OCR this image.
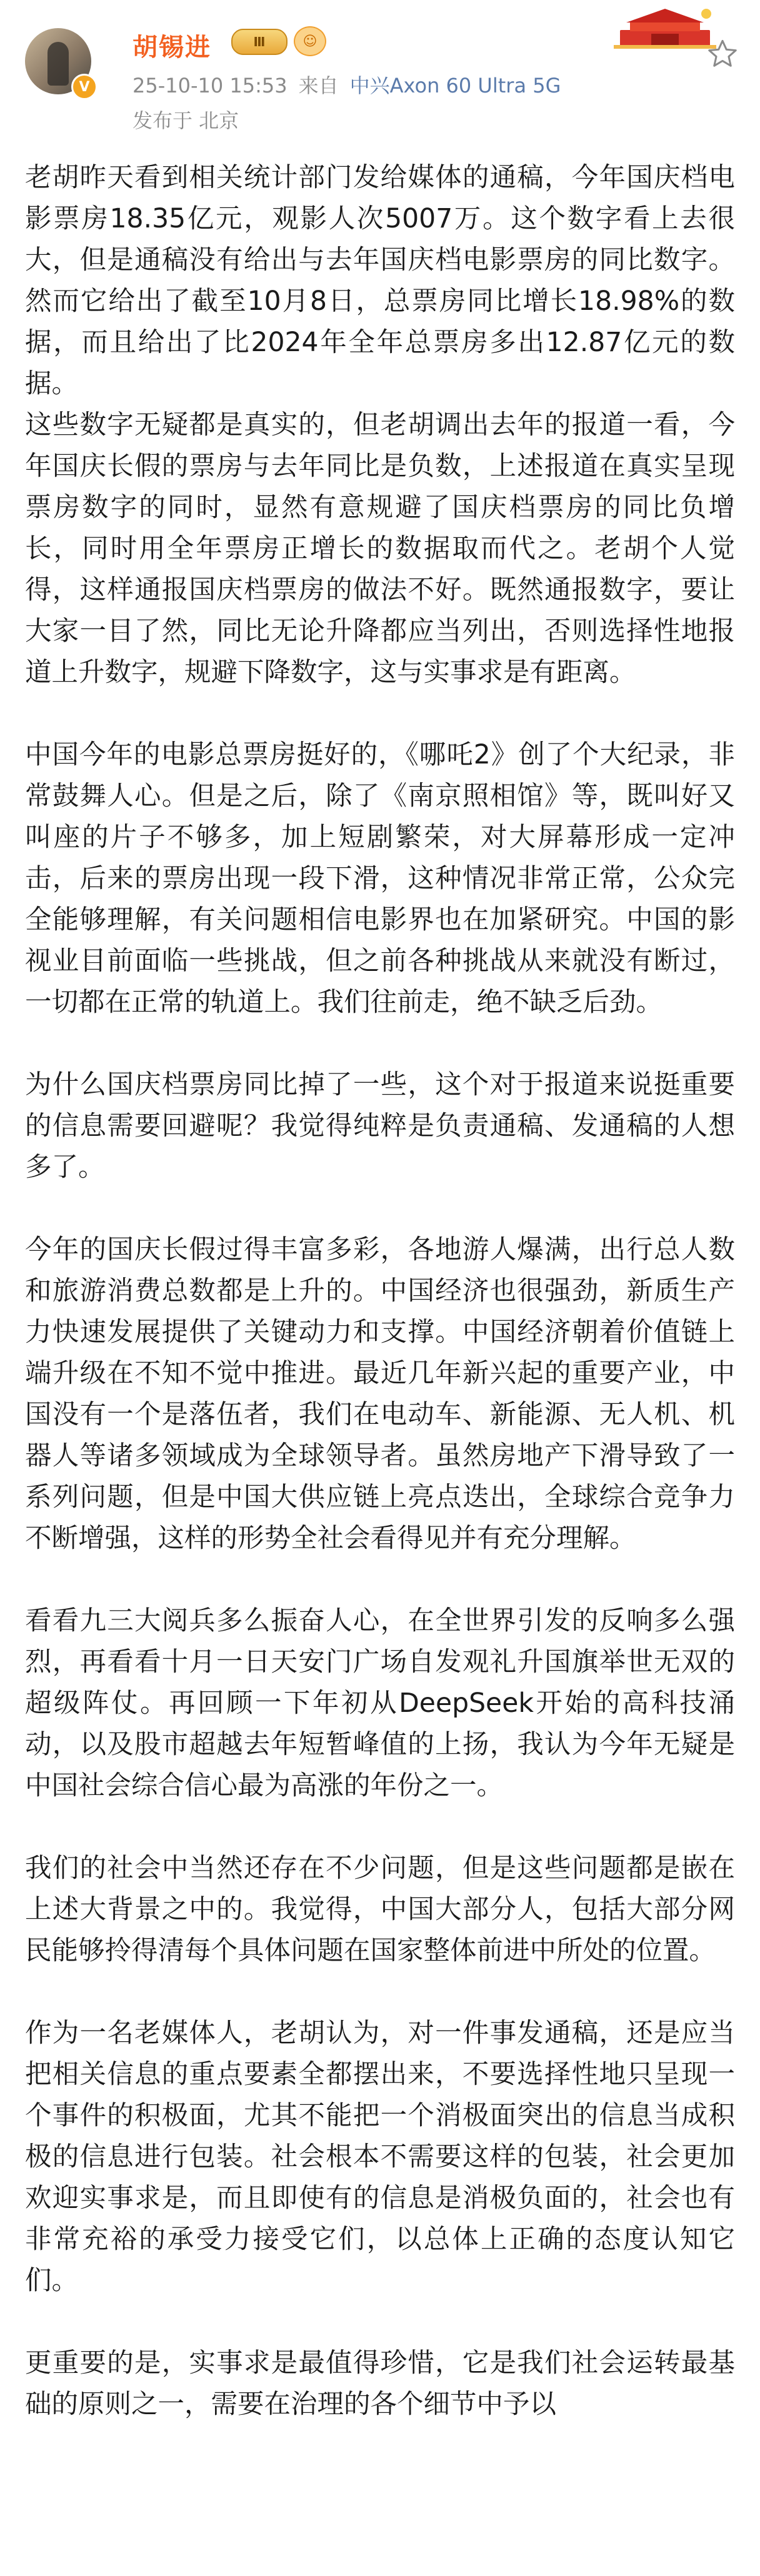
V
胡锡进	Ⅲ	☺
25-10-10 15:53 来自 中兴Axon 60 Ultra 5G
发布于 北京

老胡昨天看到相关统计部门发给媒体的通稿，今年国庆档电影票房18.35亿元，观影人次5007万。这个数字看上去很大，但是通稿没有给出与去年国庆档电影票房的同比数字。然而它给出了截至10月8日，总票房同比增长18.98%的数据，而且给出了比2024年全年总票房多出12.87亿元的数据。

这些数字无疑都是真实的，但老胡调出去年的报道一看，今年国庆长假的票房与去年同比是负数，上述报道在真实呈现票房数字的同时，显然有意规避了国庆档票房的同比负增长，同时用全年票房正增长的数据取而代之。老胡个人觉得，这样通报国庆档票房的做法不好。既然通报数字，要让大家一目了然，同比无论升降都应当列出，否则选择性地报道上升数字，规避下降数字，这与实事求是有距离。

中国今年的电影总票房挺好的，《哪吒2》创了个大纪录，非常鼓舞人心。但是之后，除了《南京照相馆》等，既叫好又叫座的片子不够多，加上短剧繁荣，对大屏幕形成一定冲击，后来的票房出现一段下滑，这种情况非常正常，公众完全能够理解，有关问题相信电影界也在加紧研究。中国的影视业目前面临一些挑战，但之前各种挑战从来就没有断过，一切都在正常的轨道上。我们往前走，绝不缺乏后劲。

为什么国庆档票房同比掉了一些，这个对于报道来说挺重要的信息需要回避呢？我觉得纯粹是负责通稿、发通稿的人想多了。

今年的国庆长假过得丰富多彩，各地游人爆满，出行总人数和旅游消费总数都是上升的。中国经济也很强劲，新质生产力快速发展提供了关键动力和支撑。中国经济朝着价值链上端升级在不知不觉中推进。最近几年新兴起的重要产业，中国没有一个是落伍者，我们在电动车、新能源、无人机、机器人等诸多领域成为全球领导者。虽然房地产下滑导致了一系列问题，但是中国大供应链上亮点迭出，全球综合竞争力不断增强，这样的形势全社会看得见并有充分理解。

看看九三大阅兵多么振奋人心，在全世界引发的反响多么强烈，再看看十月一日天安门广场自发观礼升国旗举世无双的超级阵仗。再回顾一下年初从DeepSeek开始的高科技涌动，以及股市超越去年短暂峰值的上扬，我认为今年无疑是中国社会综合信心最为高涨的年份之一。

我们的社会中当然还存在不少问题，但是这些问题都是嵌在上述大背景之中的。我觉得，中国大部分人，包括大部分网民能够拎得清每个具体问题在国家整体前进中所处的位置。

作为一名老媒体人，老胡认为，对一件事发通稿，还是应当把相关信息的重点要素全都摆出来，不要选择性地只呈现一个事件的积极面，尤其不能把一个消极面突出的信息当成积极的信息进行包装。社会根本不需要这样的包装，社会更加欢迎实事求是，而且即使有的信息是消极负面的，社会也有非常充裕的承受力接受它们，以总体上正确的态度认知它们。

更重要的是，实事求是最值得珍惜，它是我们社会运转最基础的原则之一，需要在治理的各个细节中予以
